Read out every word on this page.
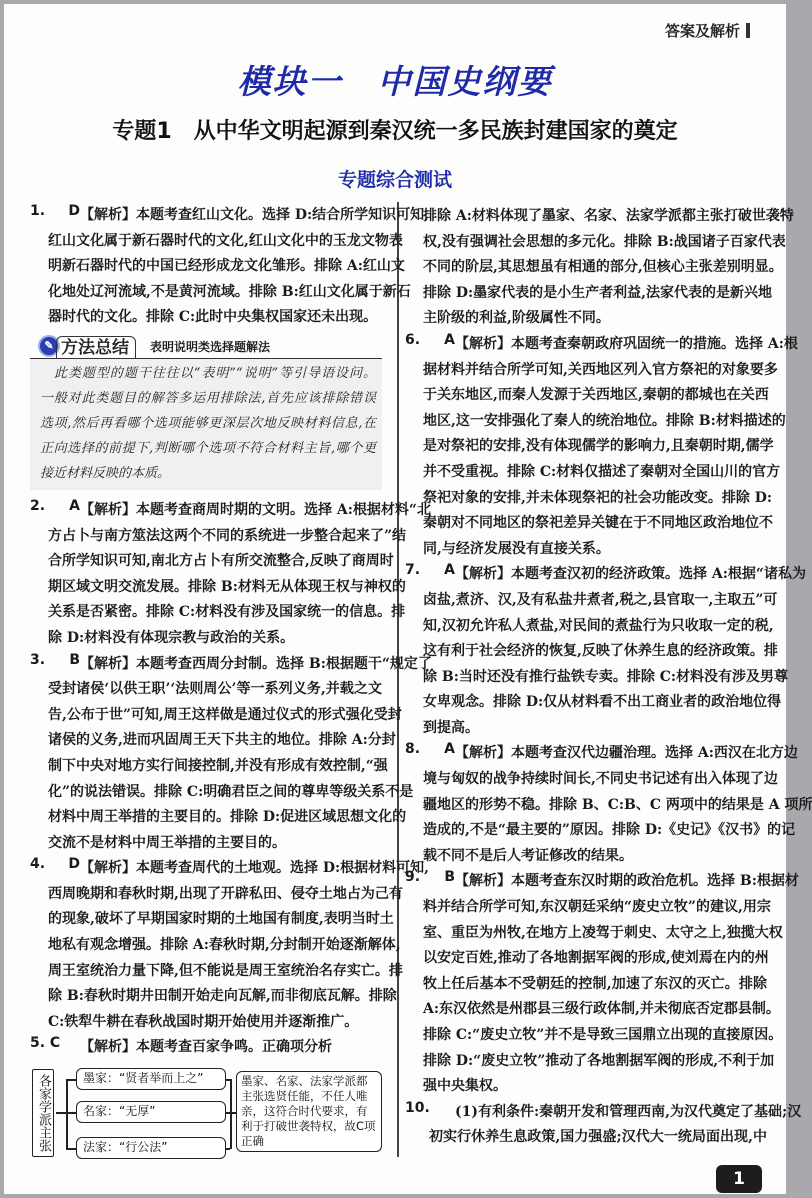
答案及解析
模块一　中国史纲要
专题1　从中华文明起源到秦汉统一多民族封建国家的奠定
专题综合测试
1. D 【解析】本题考查红山文化。选择 D:结合所学知识可知,
红山文化属于新石器时代的文化,红山文化中的玉龙文物表
明新石器时代的中国已经形成龙文化雏形。排除 A:红山文
化地处辽河流域,不是黄河流域。排除 B:红山文化属于新石
器时代的文化。排除 C:此时中央集权国家还未出现。
✎ 方法总结	表明说明类选择题解法
　此类题型的题干往往以“表明”“说明”等引导语设问。
一般对此类题目的解答多运用排除法,首先应该排除错误
选项,然后再看哪个选项能够更深层次地反映材料信息,在
正向选择的前提下,判断哪个选项不符合材料主旨,哪个更
接近材料反映的本质。
2. A 【解析】本题考查商周时期的文明。选择 A:根据材料“北
方占卜与南方筮法这两个不同的系统进一步整合起来了”结
合所学知识可知,南北方占卜有所交流整合,反映了商周时
期区域文明交流发展。排除 B:材料无从体现王权与神权的
关系是否紧密。排除 C:材料没有涉及国家统一的信息。排
除 D:材料没有体现宗教与政治的关系。
3. B 【解析】本题考查西周分封制。选择 B:根据题干“规定了
受封诸侯‘以供王职’‘法则周公’等一系列义务,并载之文
告,公布于世”可知,周王这样做是通过仪式的形式强化受封
诸侯的义务,进而巩固周王天下共主的地位。排除 A:分封
制下中央对地方实行间接控制,并没有形成有效控制,“强
化”的说法错误。排除 C:明确君臣之间的尊卑等级关系不是
材料中周王举措的主要目的。排除 D:促进区域思想文化的
交流不是材料中周王举措的主要目的。
4. D 【解析】本题考查周代的土地观。选择 D:根据材料可知,
西周晚期和春秋时期,出现了开辟私田、侵夺土地占为己有
的现象,破坏了早期国家时期的土地国有制度,表明当时土
地私有观念增强。排除 A:春秋时期,分封制开始逐渐解体,
周王室统治力量下降,但不能说是周王室统治名存实亡。排
除 B:春秋时期井田制开始走向瓦解,而非彻底瓦解。排除
C:铁犁牛耕在春秋战国时期开始使用并逐渐推广。
5. C	【解析】本题考查百家争鸣。正确项分析
各家学派主张	墨家：“贤者举而上之”
名家：“无厚”
法家：“行公法”
墨家、名家、法家学派都主张选贤任能，不任人唯亲，这符合时代要求，有利于打破世袭特权，故C项正确
排除 A:材料体现了墨家、名家、法家学派都主张打破世袭特
权,没有强调社会思想的多元化。排除 B:战国诸子百家代表
不同的阶层,其思想虽有相通的部分,但核心主张差别明显。
排除 D:墨家代表的是小生产者利益,法家代表的是新兴地
主阶级的利益,阶级属性不同。
6. A 【解析】本题考查秦朝政府巩固统一的措施。选择 A:根
据材料并结合所学可知,关西地区列入官方祭祀的对象要多
于关东地区,而秦人发源于关西地区,秦朝的都城也在关西
地区,这一安排强化了秦人的统治地位。排除 B:材料描述的
是对祭祀的安排,没有体现儒学的影响力,且秦朝时期,儒学
并不受重视。排除 C:材料仅描述了秦朝对全国山川的官方
祭祀对象的安排,并未体现祭祀的社会功能改变。排除 D:
秦朝对不同地区的祭祀差异关键在于不同地区政治地位不
同,与经济发展没有直接关系。
7. A 【解析】本题考查汉初的经济政策。选择 A:根据“诸私为
卤盐,煮济、汉,及有私盐井煮者,税之,县官取一,主取五”可
知,汉初允许私人煮盐,对民间的煮盐行为只收取一定的税,
这有利于社会经济的恢复,反映了休养生息的经济政策。排
除 B:当时还没有推行盐铁专卖。排除 C:材料没有涉及男尊
女卑观念。排除 D:仅从材料看不出工商业者的政治地位得
到提高。
8. A 【解析】本题考查汉代边疆治理。选择 A:西汉在北方边
境与匈奴的战争持续时间长,不同史书记述有出入体现了边
疆地区的形势不稳。排除 B、C:B、C 两项中的结果是 A 项所
造成的,不是“最主要的”原因。排除 D:《史记》《汉书》的记
载不同不是后人考证修改的结果。
9. B 【解析】本题考查东汉时期的政治危机。选择 B:根据材
料并结合所学可知,东汉朝廷采纳“废史立牧”的建议,用宗
室、重臣为州牧,在地方上凌驾于刺史、太守之上,独揽大权
以安定百姓,推动了各地割据军阀的形成,使刘焉在内的州
牧上任后基本不受朝廷的控制,加速了东汉的灭亡。排除
A:东汉依然是州郡县三级行政体制,并未彻底否定郡县制。
排除 C:“废史立牧”并不是导致三国鼎立出现的直接原因。
排除 D:“废史立牧”推动了各地割据军阀的形成,不利于加
强中央集权。
10.	(1)有利条件:秦朝开发和管理西南,为汉代奠定了基础;汉
初实行休养生息政策,国力强盛;汉代大一统局面出现,中
1
